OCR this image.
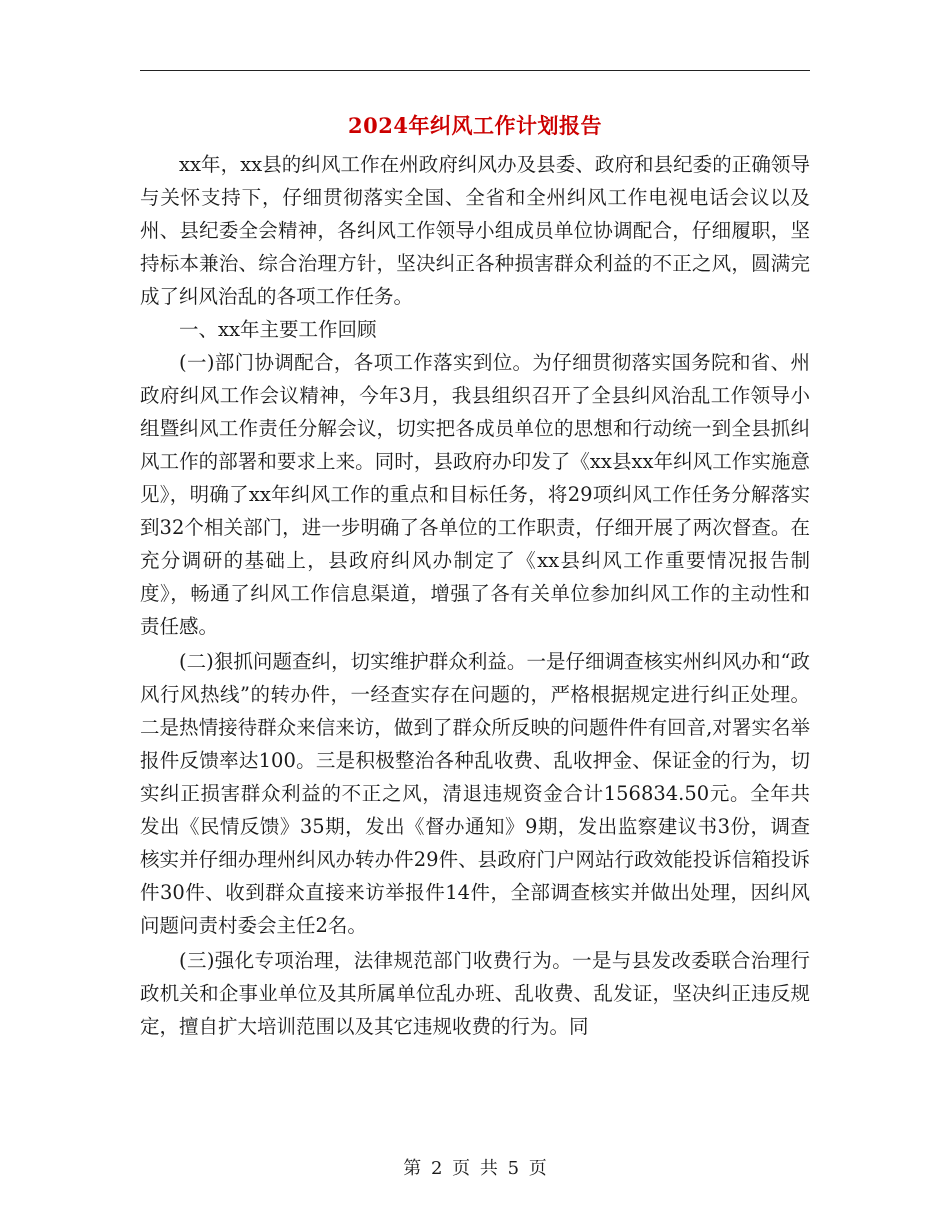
2024年纠风工作计划报告

xx年，xx县的纠风工作在州政府纠风办及县委、政府和县纪委的正确领导与关怀支持下，仔细贯彻落实全国、全省和全州纠风工作电视电话会议以及州、县纪委全会精神，各纠风工作领导小组成员单位协调配合，仔细履职，坚持标本兼治、综合治理方针，坚决纠正各种损害群众利益的不正之风，圆满完成了纠风治乱的各项工作任务。

一、xx年主要工作回顾

(一)部门协调配合，各项工作落实到位。为仔细贯彻落实国务院和省、州政府纠风工作会议精神，今年3月，我县组织召开了全县纠风治乱工作领导小组暨纠风工作责任分解会议，切实把各成员单位的思想和行动统一到全县抓纠风工作的部署和要求上来。同时，县政府办印发了《xx县xx年纠风工作实施意见》，明确了xx年纠风工作的重点和目标任务，将29项纠风工作任务分解落实到32个相关部门，进一步明确了各单位的工作职责，仔细开展了两次督查。在充分调研的基础上，县政府纠风办制定了《xx县纠风工作重要情况报告制度》，畅通了纠风工作信息渠道，增强了各有关单位参加纠风工作的主动性和责任感。

(二)狠抓问题查纠，切实维护群众利益。一是仔细调查核实州纠风办和“政风行风热线”的转办件，一经查实存在问题的，严格根据规定进行纠正处理。二是热情接待群众来信来访，做到了群众所反映的问题件件有回音,对署实名举报件反馈率达100。三是积极整治各种乱收费、乱收押金、保证金的行为，切实纠正损害群众利益的不正之风，清退违规资金合计156834.50元。全年共发出《民情反馈》35期，发出《督办通知》9期，发出监察建议书3份，调查核实并仔细办理州纠风办转办件29件、县政府门户网站行政效能投诉信箱投诉件30件、收到群众直接来访举报件14件，全部调查核实并做出处理，因纠风问题问责村委会主任2名。

(三)强化专项治理，法律规范部门收费行为。一是与县发改委联合治理行政机关和企事业单位及其所属单位乱办班、乱收费、乱发证，坚决纠正违反规定，擅自扩大培训范围以及其它违规收费的行为。同

第 2 页 共 5 页
